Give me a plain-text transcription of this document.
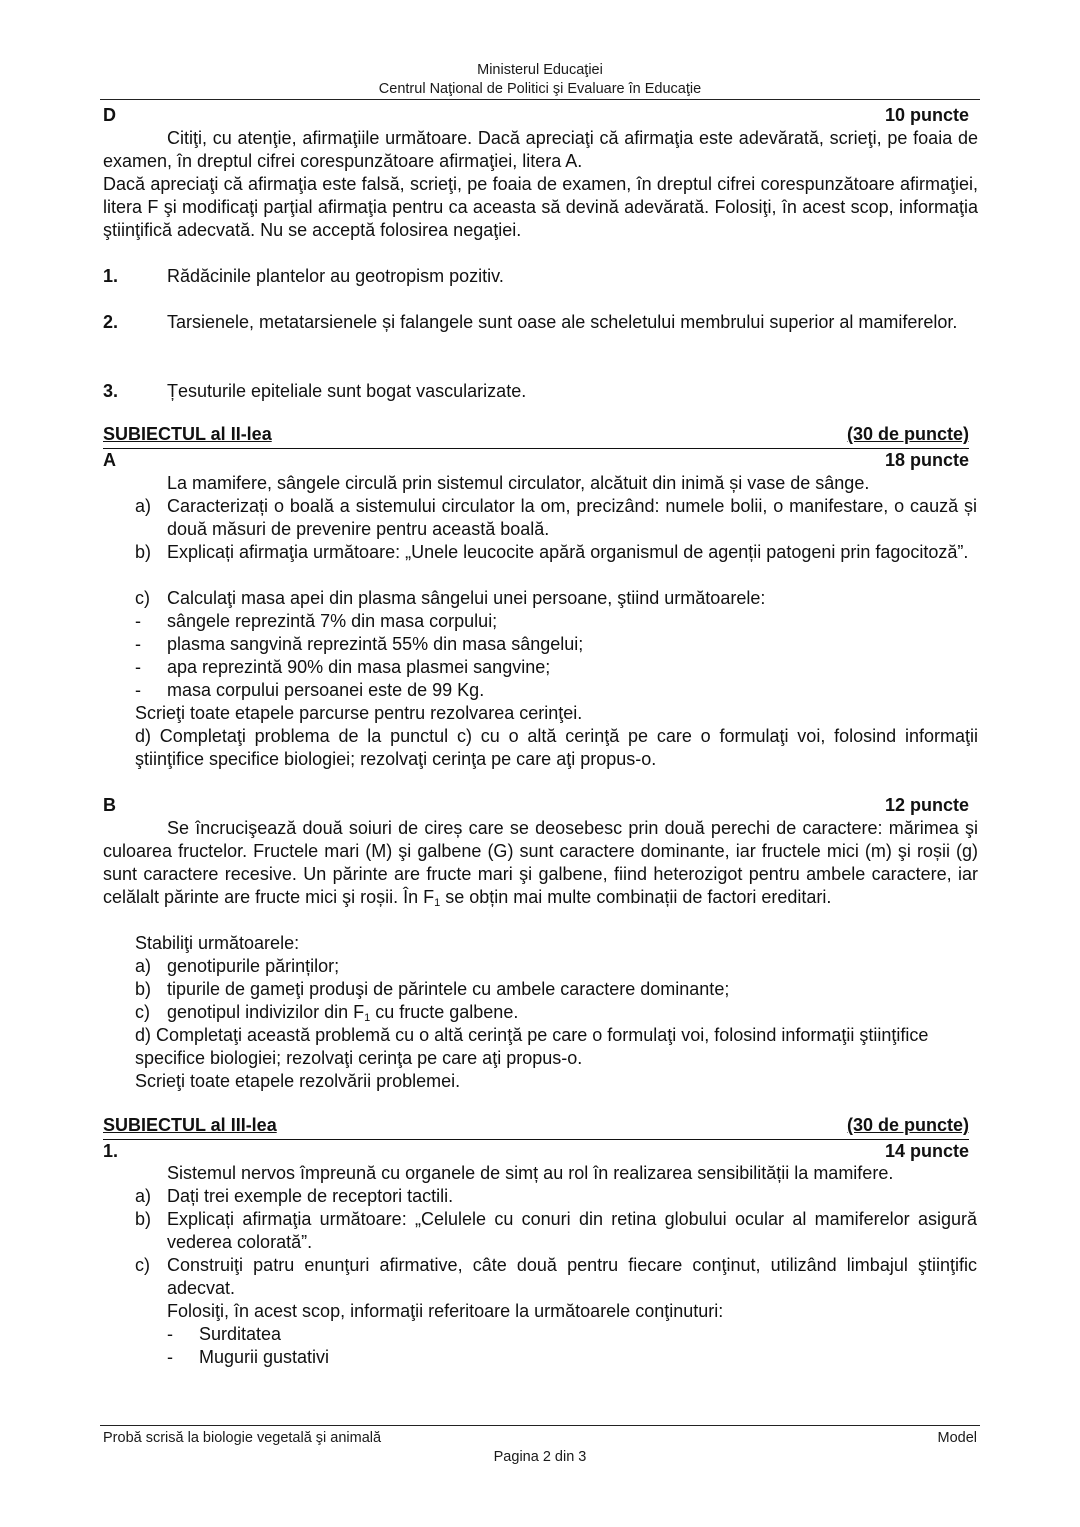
Ministerul Educaţiei
Centrul Naţional de Politici şi Evaluare în Educaţie
D	10 puncte
Citiţi, cu atenţie, afirmaţiile următoare. Dacă apreciaţi că afirmaţia este adevărată, scrieţi, pe foaia de examen, în dreptul cifrei corespunzătoare afirmaţiei, litera A.
Dacă apreciaţi că afirmaţia este falsă, scrieţi, pe foaia de examen, în dreptul cifrei corespunzătoare afirmaţiei, litera F şi modificaţi parţial afirmaţia pentru ca aceasta să devină adevărată. Folosiţi, în acest scop, informaţia ştiinţifică adecvată. Nu se acceptă folosirea negaţiei.
1.	Rădăcinile plantelor au geotropism pozitiv.
2.	Tarsienele, metatarsienele și falangele sunt oase ale scheletului membrului superior al mamiferelor.
3.	Țesuturile epiteliale sunt bogat vascularizate.
SUBIECTUL al II-lea	(30 de puncte)
A	18 puncte
La mamifere, sângele circulă prin sistemul circulator, alcătuit din inimă și vase de sânge.
a) Caracterizați o boală a sistemului circulator la om, precizând: numele bolii, o manifestare, o cauză și două măsuri de prevenire pentru această boală.
b) Explicați afirmaţia următoare: „Unele leucocite apără organismul de agenții patogeni prin fagocitoză”.
c) Calculaţi masa apei din plasma sângelui unei persoane, ştiind următoarele:
- sângele reprezintă 7% din masa corpului;
- plasma sangvină reprezintă 55% din masa sângelui;
- apa reprezintă 90% din masa plasmei sangvine;
- masa corpului persoanei este de 99 Kg.
Scrieţi toate etapele parcurse pentru rezolvarea cerinţei.
d) Completaţi problema de la punctul c) cu o altă cerinţă pe care o formulaţi voi, folosind informaţii ştiinţifice specifice biologiei; rezolvaţi cerinţa pe care aţi propus-o.
B	12 puncte
Se încrucişează două soiuri de cireș care se deosebesc prin două perechi de caractere: mărimea şi culoarea fructelor. Fructele mari (M) şi galbene (G) sunt caractere dominante, iar fructele mici (m) şi roșii (g) sunt caractere recesive. Un părinte are fructe mari şi galbene, fiind heterozigot pentru ambele caractere, iar celălalt părinte are fructe mici şi roșii. În $F_1$ se obțin mai multe combinații de factori ereditari.
Stabiliţi următoarele:
a) genotipurile părinților;
b) tipurile de gameţi produşi de părintele cu ambele caractere dominante;
c) genotipul indivizilor din $F_1$ cu fructe galbene.
d) Completaţi această problemă cu o altă cerinţă pe care o formulaţi voi, folosind informaţii ştiinţifice specifice biologiei; rezolvaţi cerinţa pe care aţi propus-o.
Scrieţi toate etapele rezolvării problemei.
SUBIECTUL al III-lea	(30 de puncte)
1.	14 puncte
Sistemul nervos împreună cu organele de simț au rol în realizarea sensibilității la mamifere.
a) Dați trei exemple de receptori tactili.
b) Explicați afirmaţia următoare: „Celulele cu conuri din retina globului ocular al mamiferelor asigură vederea colorată”.
c) Construiţi patru enunţuri afirmative, câte două pentru fiecare conţinut, utilizând limbajul ştiinţific adecvat.
Folosiţi, în acest scop, informaţii referitoare la următoarele conţinuturi:
-	Surditatea
-	Mugurii gustativi
Probă scrisă la biologie vegetală şi animală	Model
Pagina 2 din 3
